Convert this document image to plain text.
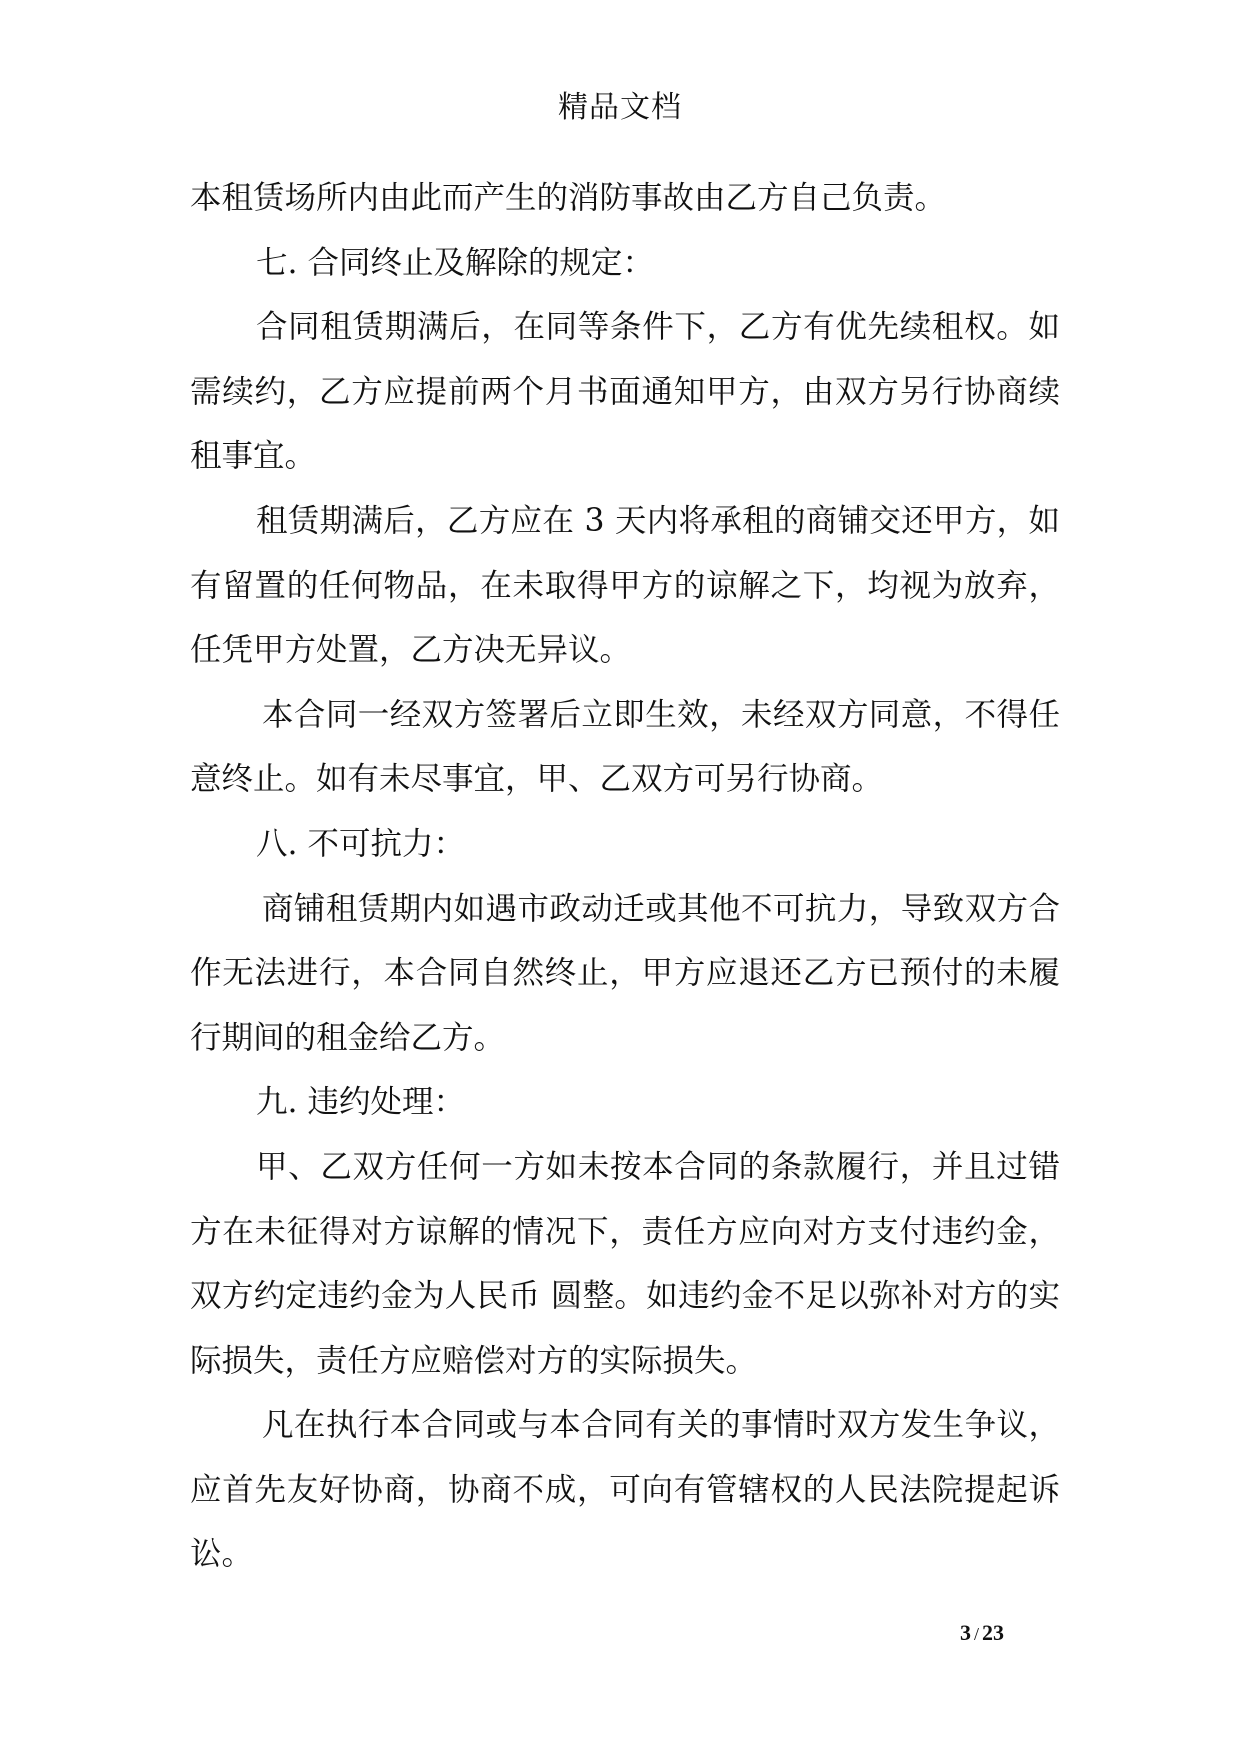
精品文档

本租赁场所内由此而产生的消防事故由乙方自己负责。

七. 合同终止及解除的规定：

合同租赁期满后，在同等条件下，乙方有优先续租权。如需续约，乙方应提前两个月书面通知甲方，由双方另行协商续租事宜。

租赁期满后，乙方应在 3 天内将承租的商铺交还甲方，如有留置的任何物品，在未取得甲方的谅解之下，均视为放弃，任凭甲方处置，乙方决无异议。

本合同一经双方签署后立即生效，未经双方同意，不得任意终止。如有未尽事宜，甲、乙双方可另行协商。

八. 不可抗力：

商铺租赁期内如遇市政动迁或其他不可抗力，导致双方合作无法进行，本合同自然终止，甲方应退还乙方已预付的未履行期间的租金给乙方。

九. 违约处理：

甲、乙双方任何一方如未按本合同的条款履行，并且过错方在未征得对方谅解的情况下，责任方应向对方支付违约金，双方约定违约金为人民币 圆整。如违约金不足以弥补对方的实际损失，责任方应赔偿对方的实际损失。

凡在执行本合同或与本合同有关的事情时双方发生争议，应首先友好协商，协商不成，可向有管辖权的人民法院提起诉讼。

3 / 23
